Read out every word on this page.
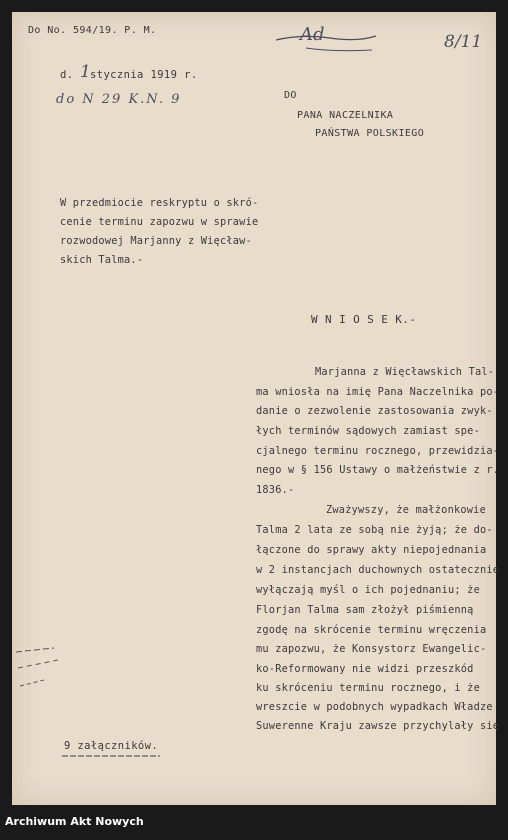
Do No. 594/19. P. M.	Ad	8/11
d. 1 stycznia 1919 r.
do N 29 K.N. 9	DO
PANA NACZELNIKA
PAŃSTWA POLSKIEGO
W przedmiocie reskryptu o skró-
cenie terminu zapozwu w sprawie
rozwodowej Marjanny z Więcław-
skich Talma.-
W N I O S E K.-
Marjanna z Więcławskich Tal-
ma wniosła na imię Pana Naczelnika po-
danie o zezwolenie zastosowania zwyk-
łych terminów sądowych zamiast spe-
cjalnego terminu rocznego, przewidzia-
nego w § 156 Ustawy o małżeństwie z r.
1836.-
Zważywszy, że małżonkowie
Talma 2 lata ze sobą nie żyją; że do-
łączone do sprawy akty niepojednania
w 2 instancjach duchownych ostatecznie
wyłączają myśl o ich pojednaniu; że
Florjan Talma sam złożył piśmienną
zgodę na skrócenie terminu wręczenia
mu zapozwu, że Konsystorz Ewangelic-
ko-Reformowany nie widzi przeszkód
ku skróceniu terminu rocznego, i że
wreszcie w podobnych wypadkach Władze
Suwerenne Kraju zawsze przychylały się
9 załączników.
Archiwum Akt Nowych
